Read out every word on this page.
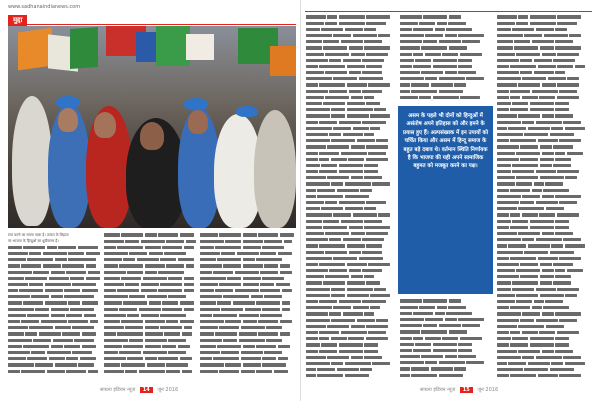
www.sadhanaindianews.com
मुद्दा
राज करने का सपना पाला है। ताकत के लिहाज
पर भाजपा के हिन्दुओं का ध्रुवीकरण है।
असम के पहले भी दोनों को हिन्दुओं में असंतोष अपने इतिहास को और हमने के प्रयास हुए हैं। अल्पसंख्यक में इन उपायों को चर्चित किया और असम में हिन्दू समाज के बहुत बड़े दबाव थे। वर्तमान स्थिति निर्णायक है कि भाजपा की यही अपने सामाजिक बहुमत को मजबूत करने का पक्ष।
साधना इंडियन न्यूज़ 14 जून 2016	साधना इंडियन न्यूज़ 15 जून 2016
